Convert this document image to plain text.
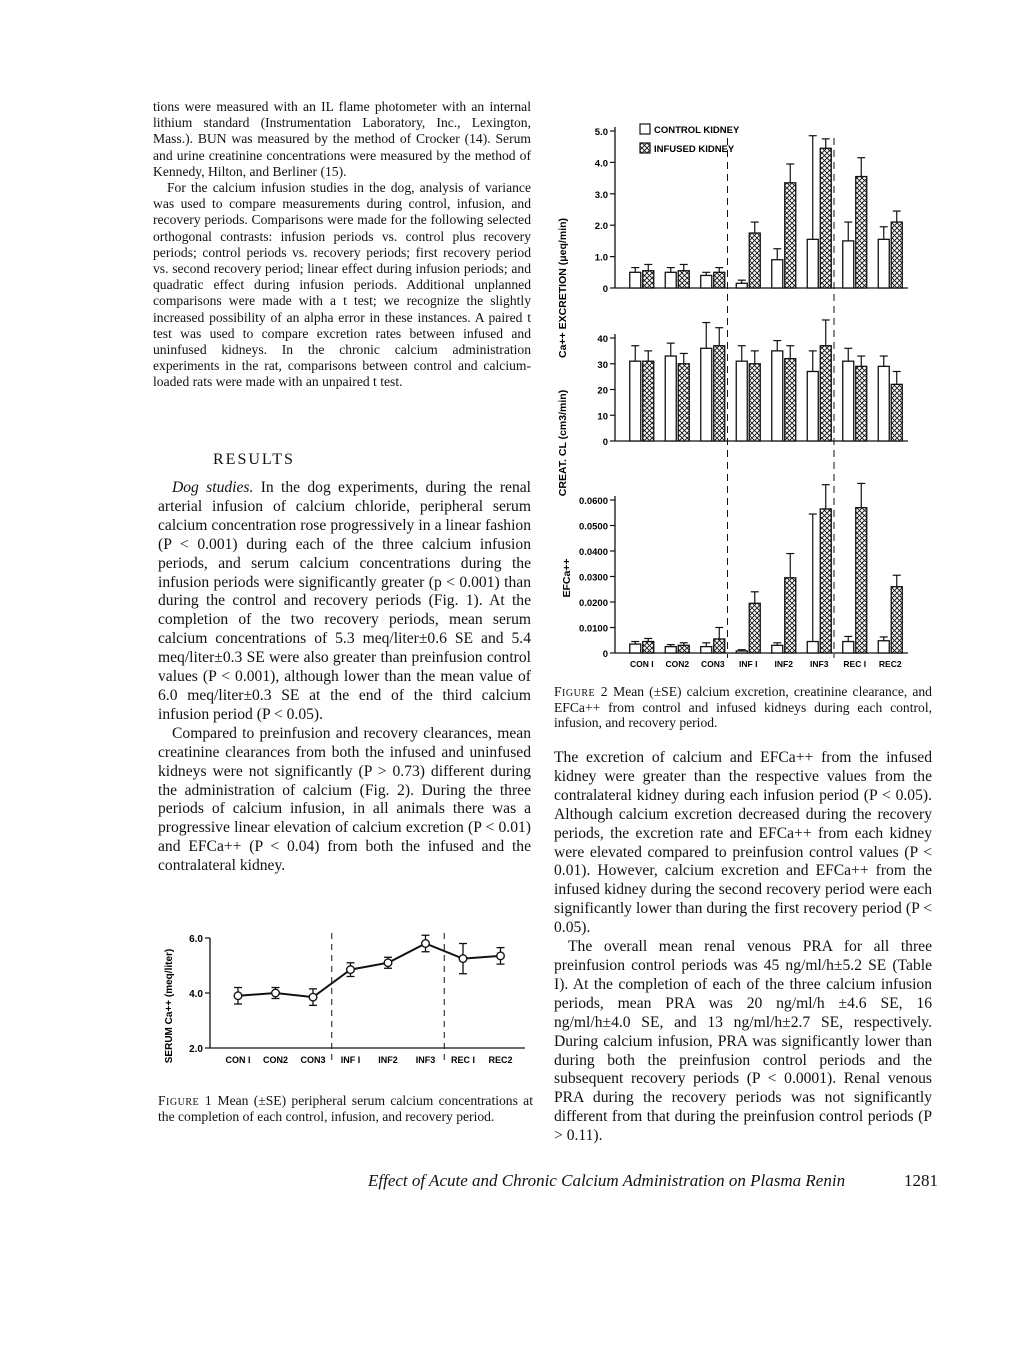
tions were measured with an IL flame photometer with an internal lithium standard (Instrumentation Laboratory, Inc., Lexington, Mass.). BUN was measured by the method of Crocker (14). Serum and urine creatinine concentrations were measured by the method of Kennedy, Hilton, and Berliner (15).

For the calcium infusion studies in the dog, analysis of variance was used to compare measurements during control, infusion, and recovery periods. Comparisons were made for the following selected orthogonal contrasts: infusion periods vs. control plus recovery periods; control periods vs. recovery periods; first recovery period vs. second recovery period; linear effect during infusion periods; and quadratic effect during infusion periods. Additional unplanned comparisons were made with a t test; we recognize the slightly increased possibility of an alpha error in these instances. A paired t test was used to compare excretion rates between infused and uninfused kidneys. In the chronic calcium administration experiments in the rat, comparisons between control and calcium-loaded rats were made with an unpaired t test.

RESULTS

Dog studies. In the dog experiments, during the renal arterial infusion of calcium chloride, peripheral serum calcium concentration rose progressively in a linear fashion (P < 0.001) during each of the three calcium infusion periods, and serum calcium concentrations during the infusion periods were significantly greater (p < 0.001) than during the control and recovery periods (Fig. 1). At the completion of the two recovery periods, mean serum calcium concentrations of 5.3 meq/liter±0.6 SE and 5.4 meq/liter±0.3 SE were also greater than preinfusion control values (P < 0.001), although lower than the mean value of 6.0 meq/liter±0.3 SE at the end of the third calcium infusion period (P < 0.05).

Compared to preinfusion and recovery clearances, mean creatinine clearances from both the infused and uninfused kidneys were not significantly (P > 0.73) different during the administration of calcium (Fig. 2). During the three periods of calcium infusion, in all animals there was a progressive linear elevation of calcium excretion (P < 0.01) and EFCa++ (P < 0.04) from both the infused and the contralateral kidney.

The excretion of calcium and EFCa++ from the infused kidney were greater than the respective values from the contralateral kidney during each infusion period (P < 0.05). Although calcium excretion decreased during the recovery periods, the excretion rate and EFCa++ from each kidney were elevated compared to preinfusion control values (P < 0.01). However, calcium excretion and EFCa++ from the infused kidney during the second recovery period were each significantly lower than during the first recovery period (P < 0.05).

The overall mean renal venous PRA for all three preinfusion control periods was 45 ng/ml/h±5.2 SE (Table I). At the completion of each of the three calcium infusion periods, mean PRA was 20 ng/ml/h ±4.6 SE, 16 ng/ml/h±4.0 SE, and 13 ng/ml/h±2.7 SE, respectively. During calcium infusion, PRA was significantly lower than during both the preinfusion control periods and the subsequent recovery periods (P < 0.0001). Renal venous PRA during the recovery periods was not significantly different from that during the preinfusion control periods (P > 0.11).

SERUM Ca++ (meq/liter) 2.0
4.0
6.0
CON I CON2 CON3 INF I INF2 INF3 REC I REC2
Figure 1 Mean (±SE) peripheral serum calcium concentrations at the completion of each control, infusion, and recovery period.
Ca++ EXCRETION (μeq/min)
CREAT. CL (cm3/min)
EFCa++
CONTROL KIDNEY
INFUSED KIDNEY
0
1.0
2.0
3.0
4.0
5.0
0
10
20
30
40
0
0.0100
0.0200
0.0300
0.0400
0.0500
0.0600
CON I CON2 CON3 INF I INF2 INF3 REC I REC2
Figure 2 Mean (±SE) calcium excretion, creatinine clearance, and EFCa++ from control and infused kidneys during each control, infusion, and recovery period.
Effect of Acute and Chronic Calcium Administration on Plasma Renin	1281
